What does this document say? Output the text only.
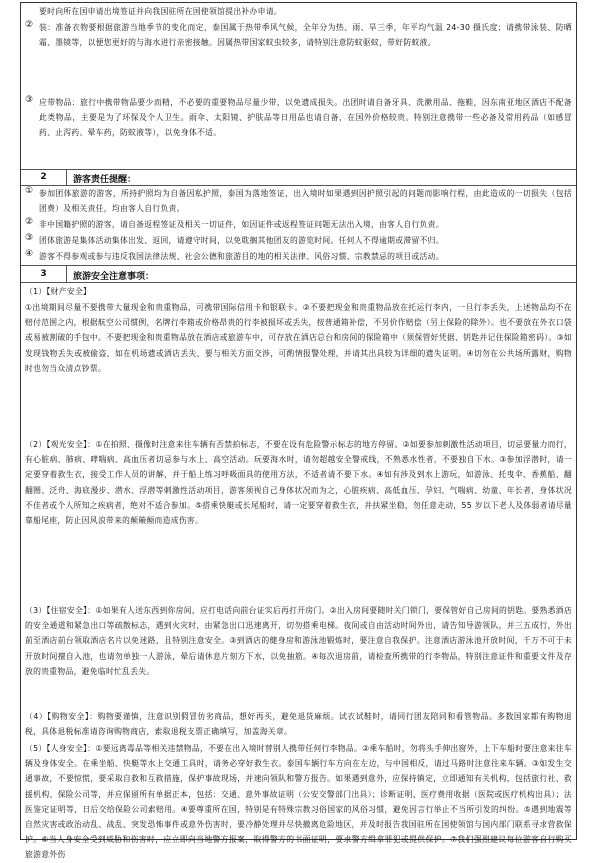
要时向所在国申请出境签证并向我国驻所在国使领馆提出补办申请。
② 装：准备衣物要根据旅游当地季节的变化而定，泰国属于热带季风气候，全年分为热、雨、旱三季，年平均气温 24-30 摄氏度；请携带泳装、防晒霜、墨镜等，以便您更好的与海水进行亲密接触。因属热带国家蚊虫较多，请特别注意防蚊驱蚊，带好防蚊液。
③ 应带物品：旅行中携带物品要少而精，不必要的重要物品尽量少带，以免遗成损失。出团时请自备牙具、洗漱用品、拖鞋，因东南亚地区酒店不配备此类物品，主要是为了环保及个人卫生。雨伞、太阳镜、护肤品等日用品也请自备，在国外价格较贵。特别注意携带一些必备及常用药品（如感冒药、止泻药、晕车药，防蚊液等），以免身体不适。
2	游客责任提醒：
① 参加团体旅游的游客，所持护照均为自备因私护照，泰国为落地签证，出入境时如果遇到因护照引起的问题而影响行程，由此造成的一切损失（包括团费）及相关责任，均由客人自行负责。
② 非中国籍护照的游客，请自备返程签证及相关一切证件，如因证件或返程签证问题无法出入境，由客人自行负责。
③ 团体旅游是集体活动集体出发、返回，请遵守时间，以免耽搁其他团友的游览时间。任何人不得逾期或滞留不归。
④ 游客不得参观或参与违反我国法律法规、社会公德和旅游目的地的相关法律、风俗习惯、宗教禁忌的项目或活动。
3	旅游安全注意事项：
（1）【财产安全】
①出境期间尽量不要携带大量现金和贵重物品，可携带国际信用卡和银联卡。②不要把现金和贵重物品放在托运行李内，一旦行李丢失，上述物品均不在赔付范围之内，根据航空公司惯例，名牌行李箱或价格昂贵的行李被损坏或丢失，按普通箱补偿，不另价作赔偿（另上保险的除外）。也不要放在外衣口袋或易被割破的手包中。不要把现金和贵重物品放在酒店或旅游车中，可存放在酒店总台和房间的保险箱中（须保管好凭据、钥匙并记住保险箱密码）。③如发现钱物丢失或被偷盗，如在机场遗或酒店丢失，要与相关方面交涉，可酌情报警处理，并请其出具较为详细的遗失证明。④切勿在公共场所露财，购物时也勿当众清点钞票。
（2）【观光安全】：①在拍照、摄像时注意来往车辆有否禁拍标志，不要在设有危险警示标志的地方停留。②如要参加刺激性活动项目，切忌要量力而行，有心脏病、肺病、哮喘病、高血压者切忌参与水上、高空活动。玩要海水时，请勿超越安全警戒线，不熟悉水性者，不要独自下水。③参加浮潜时，请一定要穿着救生衣，接受工作人员的讲解，并于船上练习呼吸面具的使用方法，不适者请不要下水。④如有涉及到水上游玩，如游泳、托曳伞、香蕉船、翻翻圈、泛舟、海底漫步、潜水、浮潜等刺激性活动项目，游客须视自己身体状况而为之，心脏疾病、高低血压、孕妇、气喘病、幼童、年长者，身体状况不佳者或个人所知之疾病者，绝对不适合参加。⑤搭乘快艇或长尾船时，请一定要穿着救生衣，并扶紧坐稳，勿任意走动，55 岁以下老人及体弱者请尽量靠船尾座，防止因风浪带来的颠簸颠而造成伤害。
（3）【住宿安全】：①如果有人送东西到你房间，应打电话向前台证实后再打开房门。②出入房间要随时关门锁门，要保管好自己房间的钥匙。要熟悉酒店的安全通道和紧急出口等疏散标志，遇到火灾时，由紧急出口迅速离开，切勿搭乘电梯。夜间或自由活动时间外出，请告知导游领队，并三五成行，外出前至酒店前台领取酒店名片以免迷路，且特别注意安全。③到酒店的健身房和游泳池锻炼时，要注意自我保护。注意酒店游泳池开放时间，千万不可于未开放时间擅自入池，也请勿单独一人游泳，晕后请休息片刻方下水，以免抽筋。④每次退房前，请检查所携带的行李物品，特别注意证件和重要文件及存放的贵重物品，避免临时忙乱丢失。
（4）【购物安全】：购物要谨慎，注意识别假冒仿劣商品，想好再买，避免退货麻烦。试衣试鞋时，请同行团友陪同和看管物品。多数国家都有购物退税，具体退税标准请咨询购物商店，索取退税支票正确填写，加盖海关章。
（5）【人身安全】：①要远离毒品等相关违禁物品，不要在出入境时替别人携带任何行李物品。②乘车船时，勿将头手伸出窗外，上下车船时要注意来往车辆及身体安全。在乘坐船、快艇等水上交通工具时，请务必穿好救生衣。泰国车辆行车方向在左边，与中国相反，请过马路时注意往来车辆。③如发生交通事故，不要惊慌，要采取自救和互救措施，保护事故现场，并速向领队和警方报告。如果遇到意外，应保持镇定，立即通知有关机构，包括旅行社、救援机构、保险公司等，并应保留所有单据正本，包括：交通、意外事故证明（公安交警部门出具）；诊断证明、医疗费用收据（医院或医疗机构出具）；法医鉴定证明等，日后交给保险公司索赔用。④要尊重所在国，特别是有特殊宗教习俗国家的风俗习惯，避免因言行举止不当所引发的纠纷。⑤遇到地震等自然灾害或政治动乱、战乱、突发恐怖事件或意外伤害时，要冷静处理并尽快撤离危险地区，并及时报告我国驻所在国使领馆与国内部门联系寻求营救保护。⑥当人身安全受到威胁和伤害时，应立即向当地警方报案，取得警方的书面证明，要求警方缉拿罪犯或提供保护。⑦我们强烈建议每位游客自行购买旅游意外伤
